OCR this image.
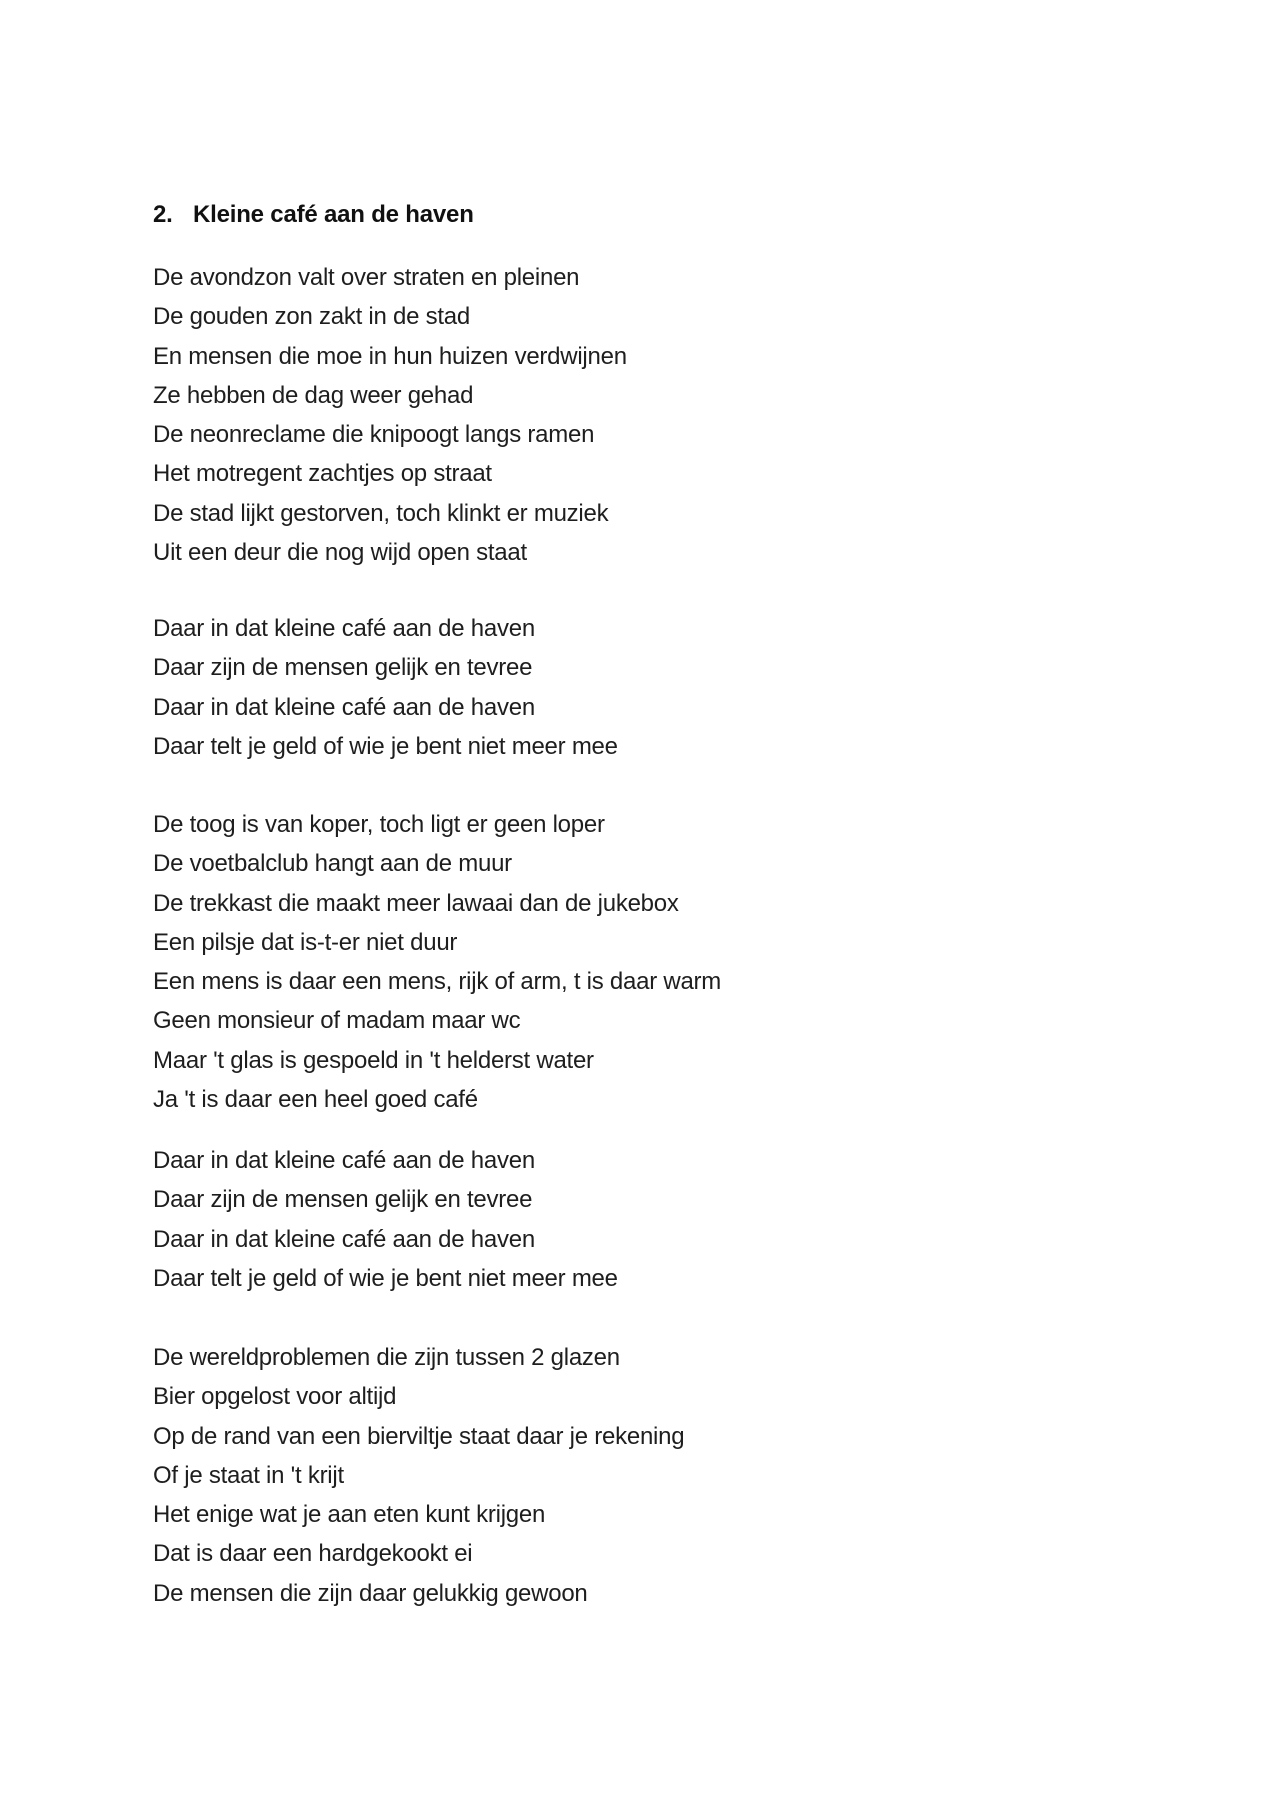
2. Kleine café aan de haven
De avondzon valt over straten en pleinen
De gouden zon zakt in de stad
En mensen die moe in hun huizen verdwijnen
Ze hebben de dag weer gehad
De neonreclame die knipoogt langs ramen
Het motregent zachtjes op straat
De stad lijkt gestorven, toch klinkt er muziek
Uit een deur die nog wijd open staat
Daar in dat kleine café aan de haven
Daar zijn de mensen gelijk en tevree
Daar in dat kleine café aan de haven
Daar telt je geld of wie je bent niet meer mee
De toog is van koper, toch ligt er geen loper
De voetbalclub hangt aan de muur
De trekkast die maakt meer lawaai dan de jukebox
Een pilsje dat is-t-er niet duur
Een mens is daar een mens, rijk of arm, t is daar warm
Geen monsieur of madam maar wc
Maar 't glas is gespoeld in 't helderst water
Ja 't is daar een heel goed café
Daar in dat kleine café aan de haven
Daar zijn de mensen gelijk en tevree
Daar in dat kleine café aan de haven
Daar telt je geld of wie je bent niet meer mee
De wereldproblemen die zijn tussen 2 glazen
Bier opgelost voor altijd
Op de rand van een bierviltje staat daar je rekening
Of je staat in 't krijt
Het enige wat je aan eten kunt krijgen
Dat is daar een hardgekookt ei
De mensen die zijn daar gelukkig gewoon
